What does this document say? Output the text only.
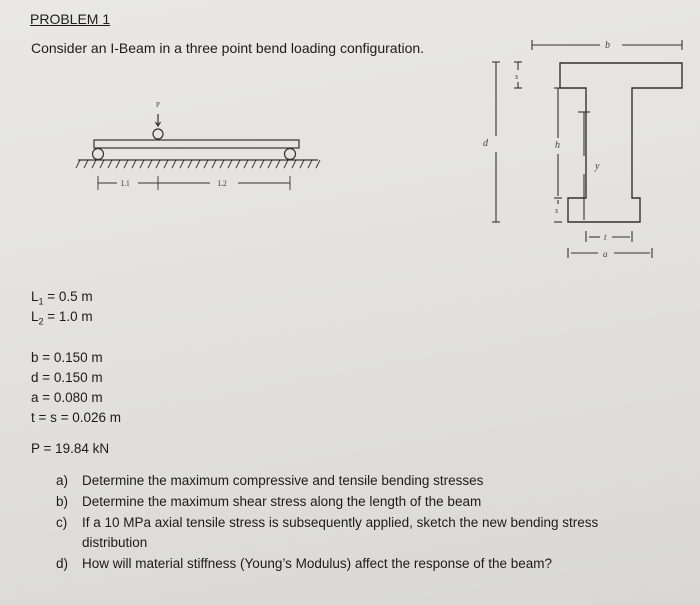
PROBLEM 1
Consider an I-Beam in a three point bend loading configuration.
P
L1	L2
b
s
d	h
s
y
t
a
$L_1 = 0.5$ m
$L_2 = 1.0$ m
b = 0.150 m
d = 0.150 m
a = 0.080 m
t = s = 0.026 m
P = 19.84 kN
a) Determine the maximum compressive and tensile bending stresses
b) Determine the maximum shear stress along the length of the beam
c) If a 10 MPa axial tensile stress is subsequently applied, sketch the new bending stress
distribution
d) How will material stiffness (Young’s Modulus) affect the response of the beam?
